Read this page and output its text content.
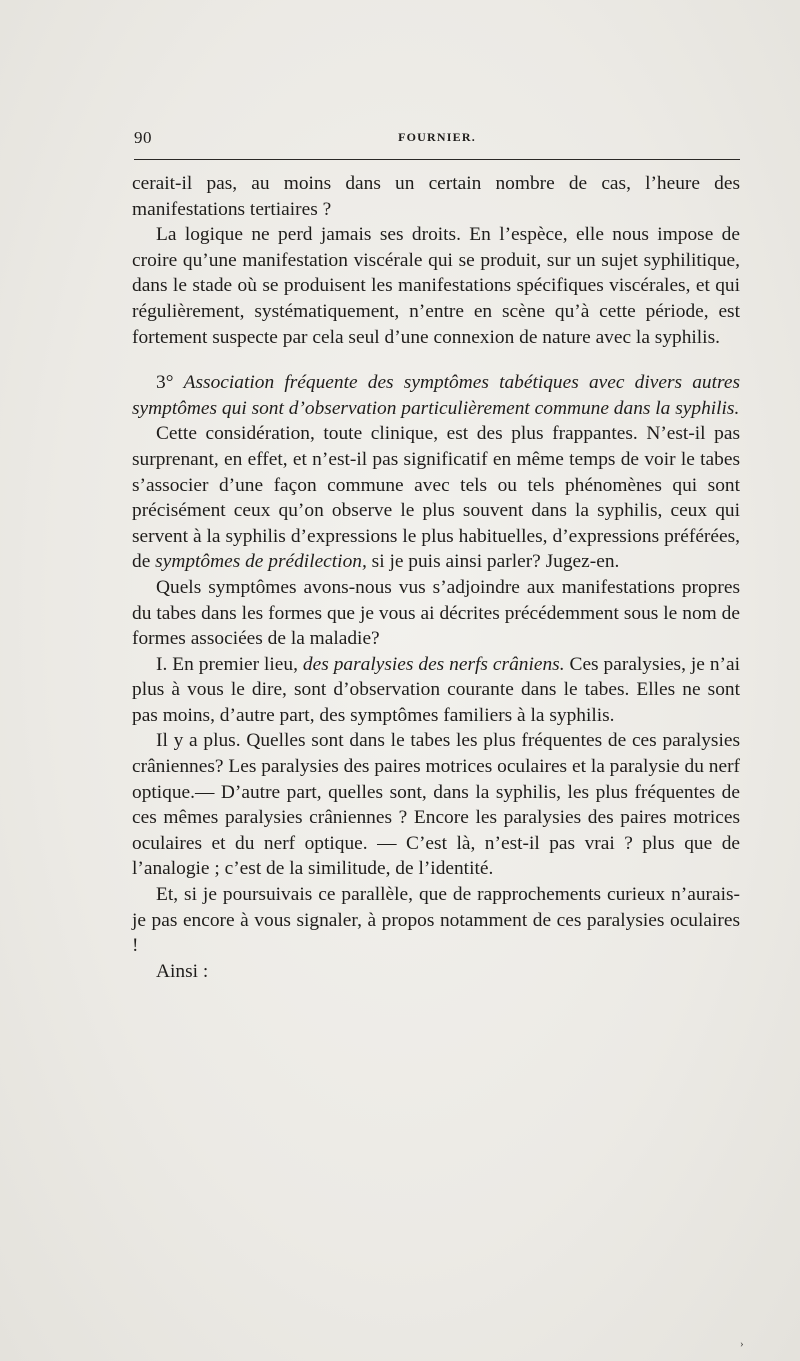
90	FOURNIER.

cerait-il pas, au moins dans un certain nombre de cas, l’heure des manifestations tertiaires ?

La logique ne perd jamais ses droits. En l’espèce, elle nous impose de croire qu’une manifestation viscérale qui se produit, sur un sujet syphilitique, dans le stade où se produisent les manifestations spécifiques viscérales, et qui régulièrement, systématiquement, n’entre en scène qu’à cette période, est fortement suspecte par cela seul d’une connexion de nature avec la syphilis.

3° Association fréquente des symptômes tabétiques avec divers autres symptômes qui sont d’observation particulièrement commune dans la syphilis.

Cette considération, toute clinique, est des plus frappantes. N’est-il pas surprenant, en effet, et n’est-il pas significatif en même temps de voir le tabes s’associer d’une façon commune avec tels ou tels phénomènes qui sont précisément ceux qu’on observe le plus souvent dans la syphilis, ceux qui servent à la syphilis d’expressions le plus habituelles, d’expressions préférées, de symptômes de prédilection, si je puis ainsi parler? Jugez-en.

Quels symptômes avons-nous vus s’adjoindre aux manifestations propres du tabes dans les formes que je vous ai décrites précédemment sous le nom de formes associées de la maladie?

I. En premier lieu, des paralysies des nerfs crâniens. Ces paralysies, je n’ai plus à vous le dire, sont d’observation courante dans le tabes. Elles ne sont pas moins, d’autre part, des symptômes familiers à la syphilis.

Il y a plus. Quelles sont dans le tabes les plus fréquentes de ces paralysies crâniennes? Les paralysies des paires motrices oculaires et la paralysie du nerf optique.— D’autre part, quelles sont, dans la syphilis, les plus fréquentes de ces mêmes paralysies crâniennes ? Encore les paralysies des paires motrices oculaires et du nerf optique. — C’est là, n’est-il pas vrai ? plus que de l’analogie ; c’est de la similitude, de l’identité.

Et, si je poursuivais ce parallèle, que de rapprochements curieux n’aurais-je pas encore à vous signaler, à propos notamment de ces paralysies oculaires !

Ainsi :

›
